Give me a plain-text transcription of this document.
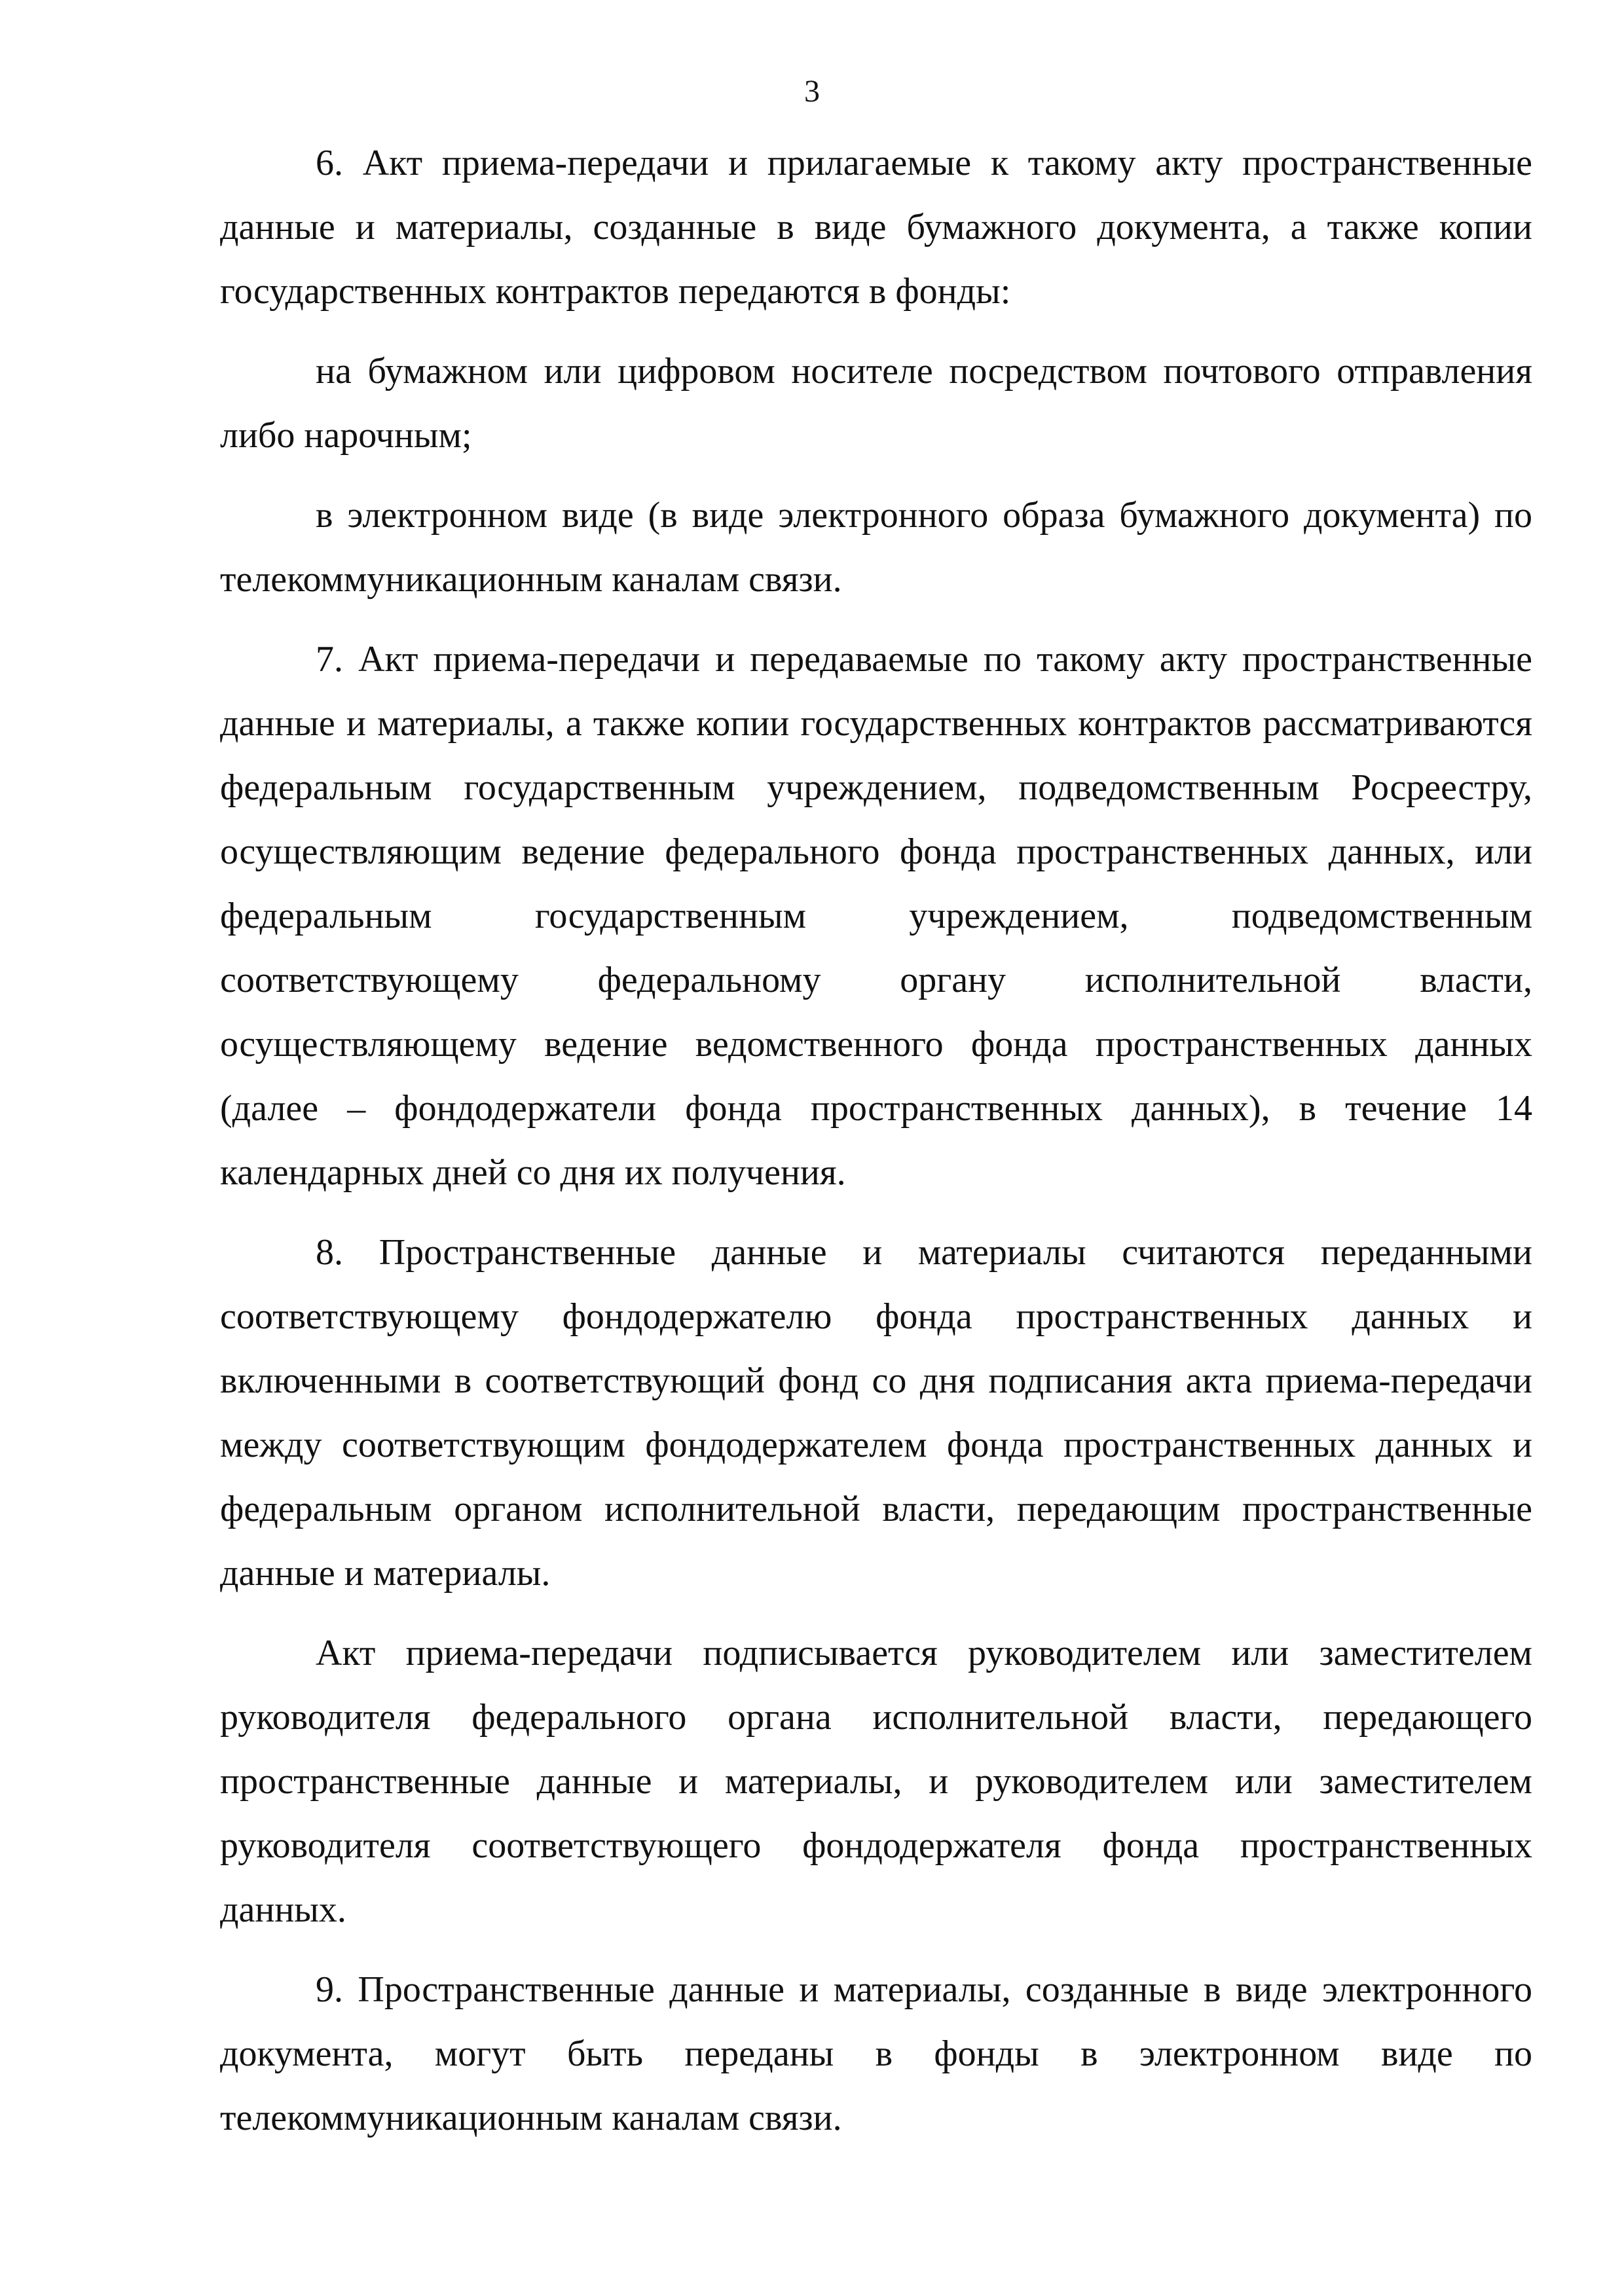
3

6. Акт приема-передачи и прилагаемые к такому акту пространственные данные и материалы, созданные в виде бумажного документа, а также копии государственных контрактов передаются в фонды:

на бумажном или цифровом носителе посредством почтового отправления либо нарочным;

в электронном виде (в виде электронного образа бумажного документа) по телекоммуникационным каналам связи.

7. Акт приема-передачи и передаваемые по такому акту пространственные данные и материалы, а также копии государственных контрактов рассматриваются федеральным государственным учреждением, подведомственным Росреестру, осуществляющим ведение федерального фонда пространственных данных, или федеральным государственным учреждением, подведомственным соответствующему федеральному органу исполнительной власти, осуществляющему ведение ведомственного фонда пространственных данных (далее – фондодержатели фонда пространственных данных), в течение 14 календарных дней со дня их получения.

8. Пространственные данные и материалы считаются переданными соответствующему фондодержателю фонда пространственных данных и включенными в соответствующий фонд со дня подписания акта приема-передачи между соответствующим фондодержателем фонда пространственных данных и федеральным органом исполнительной власти, передающим пространственные данные и материалы.

Акт приема-передачи подписывается руководителем или заместителем руководителя федерального органа исполнительной власти, передающего пространственные данные и материалы, и руководителем или заместителем руководителя соответствующего фондодержателя фонда пространственных данных.

9. Пространственные данные и материалы, созданные в виде электронного документа, могут быть переданы в фонды в электронном виде по телекоммуникационным каналам связи.
